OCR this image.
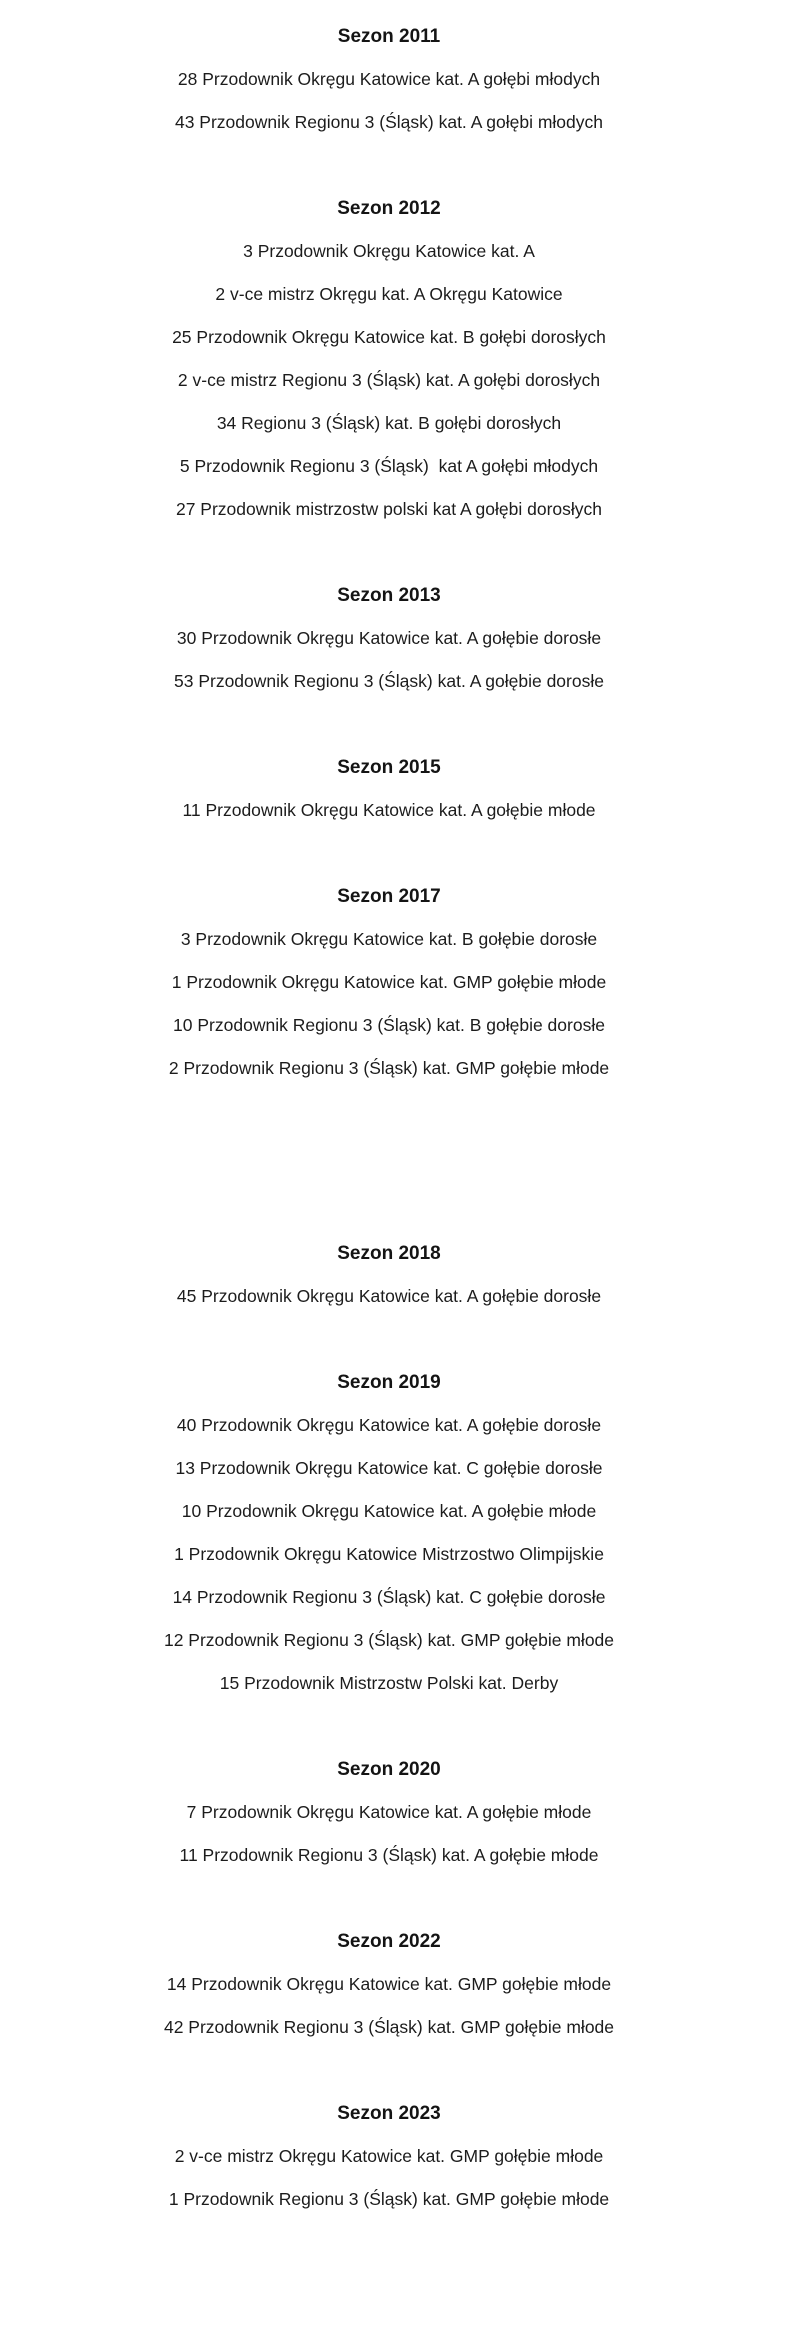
Sezon 2011

28 Przodownik Okręgu Katowice kat. A gołębi młodych

43 Przodownik Regionu 3 (Śląsk) kat. A gołębi młodych

Sezon 2012

3 Przodownik Okręgu Katowice kat. A

2 v-ce mistrz Okręgu kat. A Okręgu Katowice

25 Przodownik Okręgu Katowice kat. B gołębi dorosłych

2 v-ce mistrz Regionu 3 (Śląsk) kat. A gołębi dorosłych

34 Regionu 3 (Śląsk) kat. B gołębi dorosłych

5 Przodownik Regionu 3 (Śląsk)  kat A gołębi młodych

27 Przodownik mistrzostw polski kat A gołębi dorosłych

Sezon 2013

30 Przodownik Okręgu Katowice kat. A gołębie dorosłe

53 Przodownik Regionu 3 (Śląsk) kat. A gołębie dorosłe

Sezon 2015

11 Przodownik Okręgu Katowice kat. A gołębie młode

Sezon 2017

3 Przodownik Okręgu Katowice kat. B gołębie dorosłe

1 Przodownik Okręgu Katowice kat. GMP gołębie młode

10 Przodownik Regionu 3 (Śląsk) kat. B gołębie dorosłe

2 Przodownik Regionu 3 (Śląsk) kat. GMP gołębie młode

Sezon 2018

45 Przodownik Okręgu Katowice kat. A gołębie dorosłe

Sezon 2019

40 Przodownik Okręgu Katowice kat. A gołębie dorosłe

13 Przodownik Okręgu Katowice kat. C gołębie dorosłe

10 Przodownik Okręgu Katowice kat. A gołębie młode

1 Przodownik Okręgu Katowice Mistrzostwo Olimpijskie

14 Przodownik Regionu 3 (Śląsk) kat. C gołębie dorosłe

12 Przodownik Regionu 3 (Śląsk) kat. GMP gołębie młode

15 Przodownik Mistrzostw Polski kat. Derby

Sezon 2020

7 Przodownik Okręgu Katowice kat. A gołębie młode

11 Przodownik Regionu 3 (Śląsk) kat. A gołębie młode

Sezon 2022

14 Przodownik Okręgu Katowice kat. GMP gołębie młode

42 Przodownik Regionu 3 (Śląsk) kat. GMP gołębie młode

Sezon 2023

2 v-ce mistrz Okręgu Katowice kat. GMP gołębie młode

1 Przodownik Regionu 3 (Śląsk) kat. GMP gołębie młode
